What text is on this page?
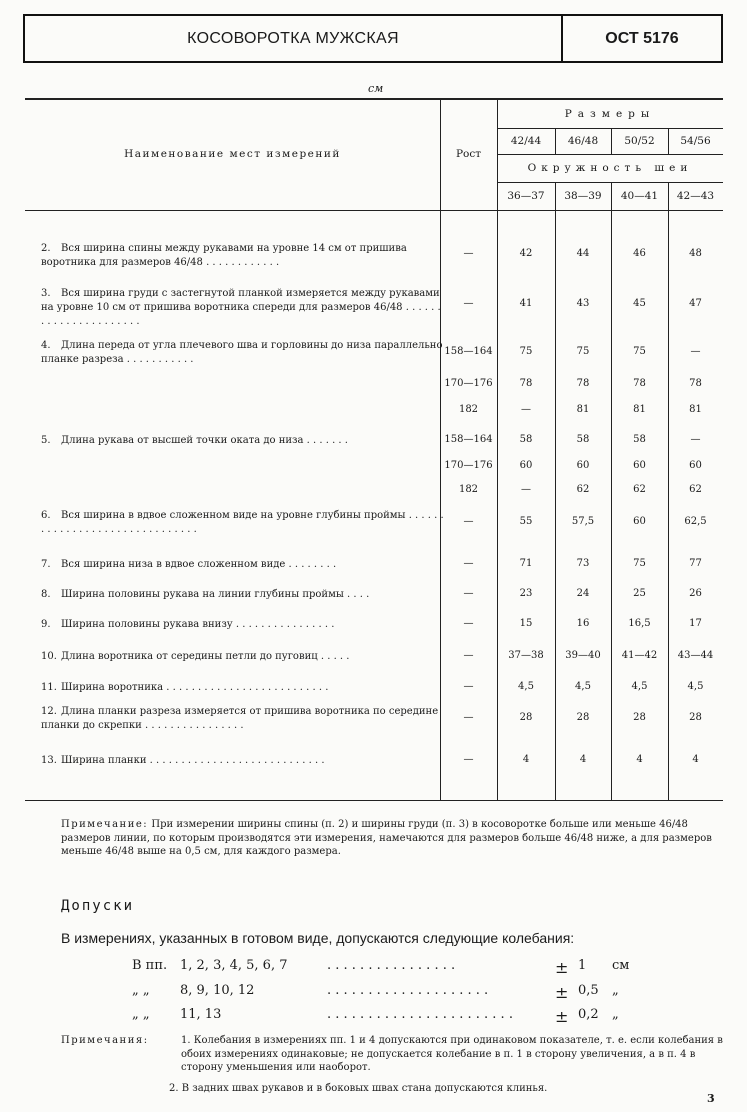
КОСОВОРОТКА МУЖСКАЯ	ОСТ 5176
см
Наименование мест измерений	Рост
Размеры
42/44	46/48	50/52	54/56
Окружность шеи
36—37	38—39	40—41	42—43
2. Вся ширина спины между рукавами на уровне 14 см от пришива воротника для размеров 46/48 . . . . . . . . . . . .
—	42	44	46	48
3. Вся ширина груди с застегнутой планкой измеряется между рукавами на уровне 10 см от пришива воротника спереди для размеров 46/48 . . . . . . . . . . . . . . . . . . . . . .
—	41	43	45	47
4. Длина переда от угла плечевого шва и горловины до низа параллельно планке разреза . . . . . . . . . . .
158—164	75	75	75	—
170—176	78	78	78	78
182	—	81	81	81
5. Длина рукава от высшей точки оката до низа . . . . . . .	158—164	58	58	58	—
170—176	60	60	60	60
182	—	62	62	62
6. Вся ширина в вдвое сложенном виде на уровне глубины проймы . . . . . . . . . . . . . . . . . . . . . . . . . . . . . . .
—	55	57,5	60	62,5
7. Вся ширина низа в вдвое сложенном виде . . . . . . . .	—	71	73	75	77
8. Ширина половины рукава на линии глубины проймы . . . .	—	23	24	25	26
9. Ширина половины рукава внизу . . . . . . . . . . . . . . . .	—	15	16	16,5	17
10. Длина воротника от середины петли до пуговиц . . . . .	—	37—38	39—40	41—42	43—44
11. Ширина воротника . . . . . . . . . . . . . . . . . . . . . . . . . .	—	4,5	4,5	4,5	4,5
12. Длина планки разреза измеряется от пришива воротника по середине планки до скрепки . . . . . . . . . . . . . . . .
—	28	28	28	28
13. Ширина планки . . . . . . . . . . . . . . . . . . . . . . . . . . . .	—	4	4	4	4
Примечание: При измерении ширины спины (п. 2) и ширины груди (п. 3) в косоворотке больше или меньше 46/48 размеров линии, по которым производятся эти измерения, намечаются для размеров больше 46/48 ниже, а для размеров меньше 46/48 выше на 0,5 см, для каждого размера.
Допуски
В измерениях, указанных в готовом виде, допускаются следующие колебания:
В пп. 1, 2, 3, 4, 5, 6, 7	. . . . . . . . . . . . . . . .	± 1 см
„ „ 8, 9, 10, 12	. . . . . . . . . . . . . . . . . . . .	± 0,5 „
„ „ 11, 13	. . . . . . . . . . . . . . . . . . . . . . .	± 0,2 „
Примечания:	1. Колебания в измерениях пп. 1 и 4 допускаются при одинаковом показателе, т. е. если колебания в обоих измерениях одинаковые; не допускается колебание в п. 1 в сторону увеличения, а в п. 4 в сторону уменьшения или наоборот.
2. В задних швах рукавов и в боковых швах стана допускаются клинья.
3
